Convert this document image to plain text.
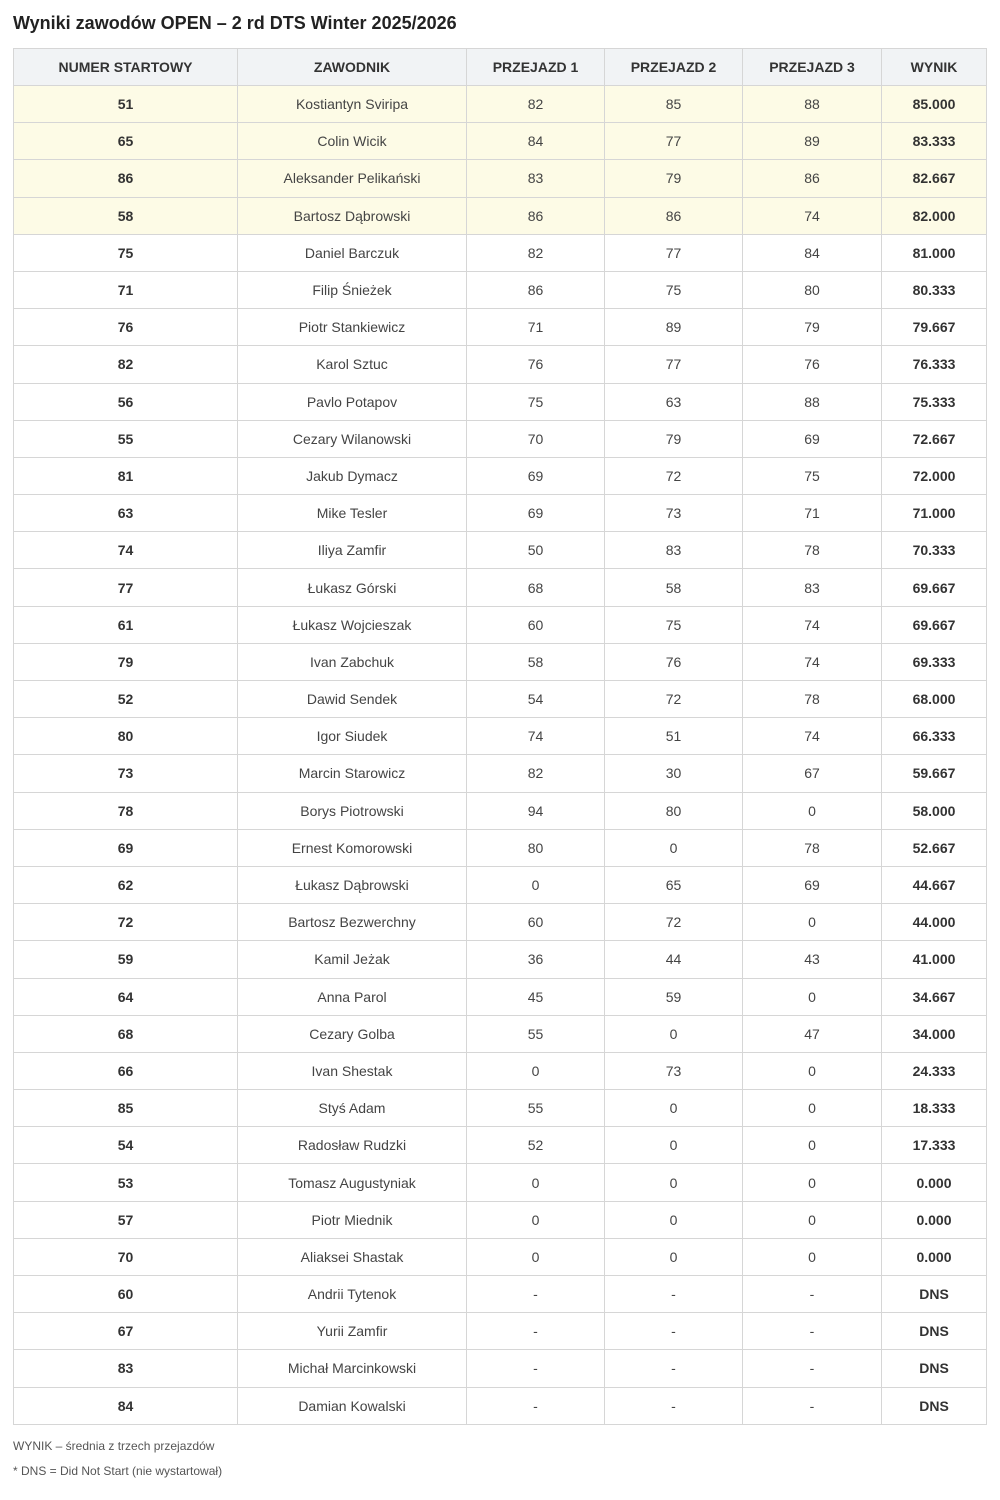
Wyniki zawodów OPEN – 2 rd DTS Winter 2025/2026
NUMER STARTOWY	ZAWODNIK	PRZEJAZD 1	PRZEJAZD 2	PRZEJAZD 3	WYNIK
51	Kostiantyn Sviripa	82	85	88	85.000
65	Colin Wicik	84	77	89	83.333
86	Aleksander Pelikański	83	79	86	82.667
58	Bartosz Dąbrowski	86	86	74	82.000
75	Daniel Barczuk	82	77	84	81.000
71	Filip Śnieżek	86	75	80	80.333
76	Piotr Stankiewicz	71	89	79	79.667
82	Karol Sztuc	76	77	76	76.333
56	Pavlo Potapov	75	63	88	75.333
55	Cezary Wilanowski	70	79	69	72.667
81	Jakub Dymacz	69	72	75	72.000
63	Mike Tesler	69	73	71	71.000
74	Iliya Zamfir	50	83	78	70.333
77	Łukasz Górski	68	58	83	69.667
61	Łukasz Wojcieszak	60	75	74	69.667
79	Ivan Zabchuk	58	76	74	69.333
52	Dawid Sendek	54	72	78	68.000
80	Igor Siudek	74	51	74	66.333
73	Marcin Starowicz	82	30	67	59.667
78	Borys Piotrowski	94	80	0	58.000
69	Ernest Komorowski	80	0	78	52.667
62	Łukasz Dąbrowski	0	65	69	44.667
72	Bartosz Bezwerchny	60	72	0	44.000
59	Kamil Jeżak	36	44	43	41.000
64	Anna Parol	45	59	0	34.667
68	Cezary Golba	55	0	47	34.000
66	Ivan Shestak	0	73	0	24.333
85	Styś Adam	55	0	0	18.333
54	Radosław Rudzki	52	0	0	17.333
53	Tomasz Augustyniak	0	0	0	0.000
57	Piotr Miednik	0	0	0	0.000
70	Aliaksei Shastak	0	0	0	0.000
60	Andrii Tytenok	-	-	-	DNS
67	Yurii Zamfir	-	-	-	DNS
83	Michał Marcinkowski	-	-	-	DNS
84	Damian Kowalski	-	-	-	DNS

WYNIK – średnia z trzech przejazdów

* DNS = Did Not Start (nie wystartował)
